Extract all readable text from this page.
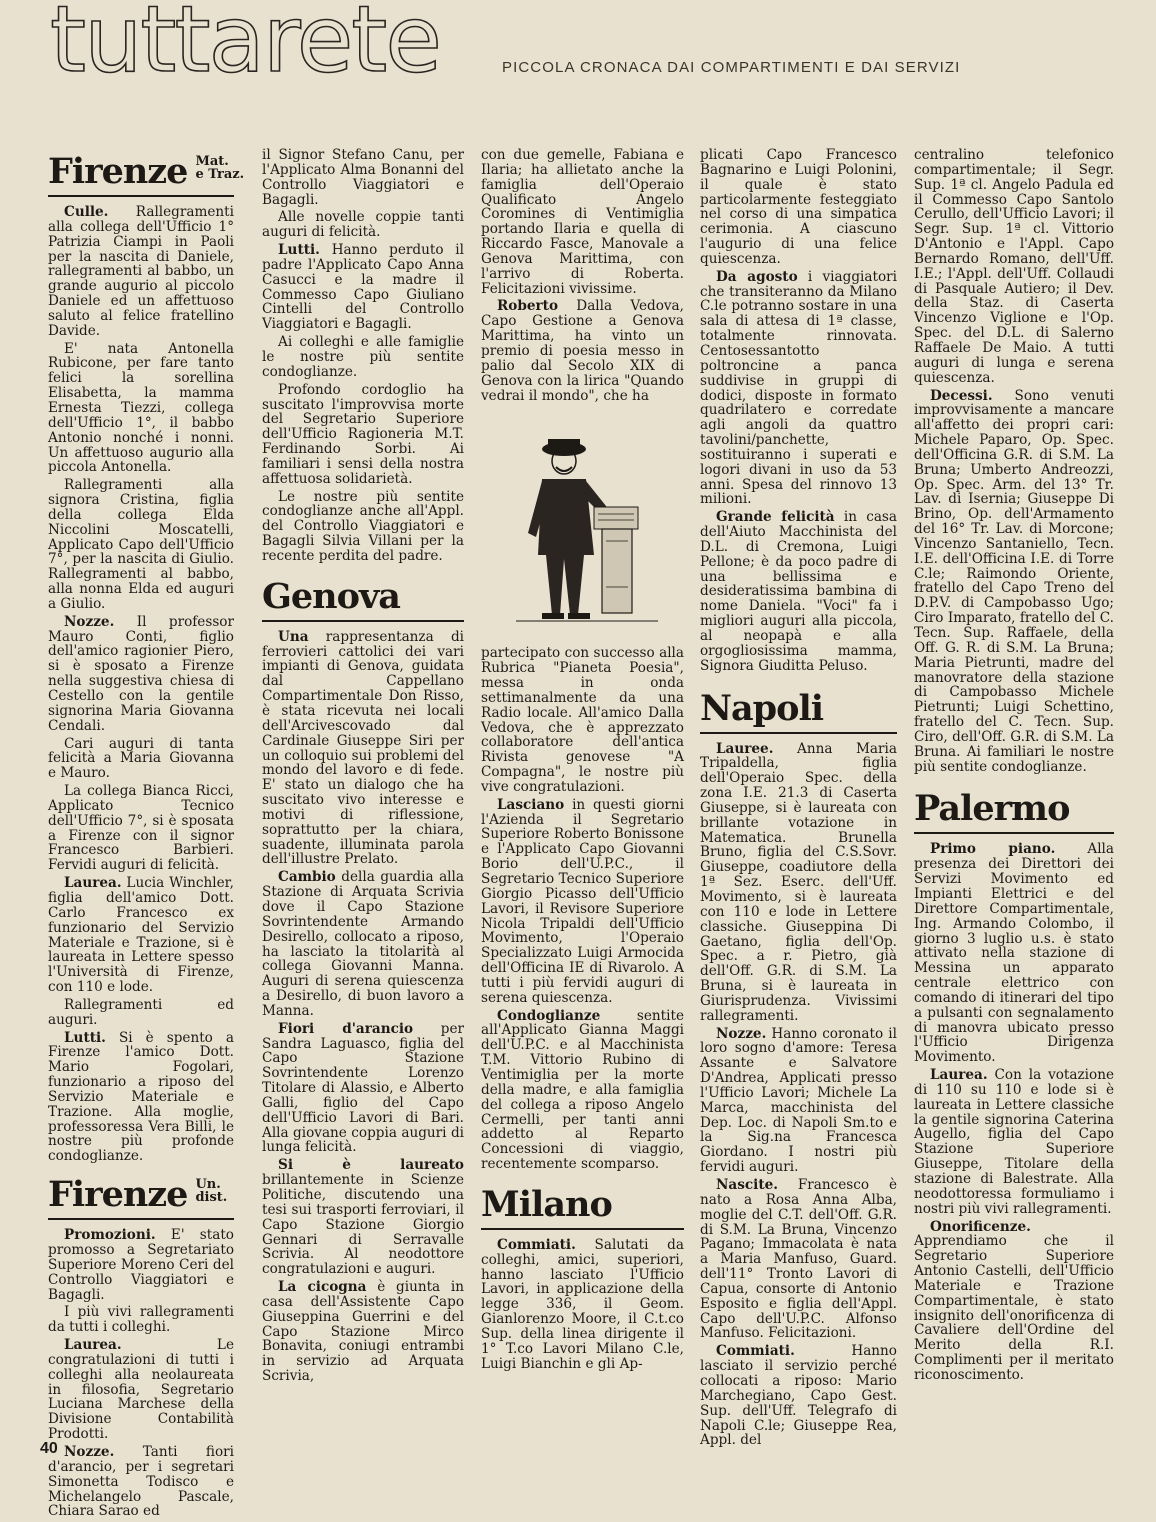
tuttarete	PICCOLA CRONACA DAI COMPARTIMENTI E DAI SERVIZI
Firenze Mat.
e Traz.

Culle. Rallegramenti alla collega dell'Ufficio 1° Patrizia Ciampi in Paoli per la nascita di Daniele, rallegramenti al babbo, un grande augurio al piccolo Daniele ed un affettuoso saluto al felice fratellino Davide.

E' nata Antonella Rubicone, per fare tanto felici la sorellina Elisabetta, la mamma Ernesta Tiezzi, collega dell'Ufficio 1°, il babbo Antonio nonché i nonni. Un affettuoso augurio alla piccola Antonella.

Rallegramenti alla signora Cristina, figlia della collega Elda Niccolini Moscatelli, Applicato Capo dell'Ufficio 7°, per la nascita di Giulio. Rallegramenti al babbo, alla nonna Elda ed auguri a Giulio.

Nozze. Il professor Mauro Conti, figlio dell'amico ragionier Piero, si è sposato a Firenze nella suggestiva chiesa di Cestello con la gentile signorina Maria Giovanna Cendali.

Cari auguri di tanta felicità a Maria Giovanna e Mauro.

La collega Bianca Ricci, Applicato Tecnico dell'Ufficio 7°, si è sposata a Firenze con il signor Francesco Barbieri. Fervidi auguri di felicità.

Laurea. Lucia Winchler, figlia dell'amico Dott. Carlo Francesco ex funzionario del Servizio Materiale e Trazione, si è laureata in Lettere spesso l'Università di Firenze, con 110 e lode.

Rallegramenti ed auguri.

Lutti. Si è spento a Firenze l'amico Dott. Mario Fogolari, funzionario a riposo del Servizio Materiale e Trazione. Alla moglie, professoressa Vera Billi, le nostre più profonde condoglianze.

Firenze Un.
dist.

Promozioni. E' stato promosso a Segretariato Superiore Moreno Ceri del Controllo Viaggiatori e Bagagli.

I più vivi rallegramenti da tutti i colleghi.

Laurea. Le congratulazioni di tutti i colleghi alla neolaureata in filosofia, Segretario Luciana Marchese della Divisione Contabilità Prodotti.

Nozze. Tanti fiori d'arancio, per i segretari Simonetta Todisco e Michelangelo Pascale, Chiara Sarao ed

il Signor Stefano Canu, per l'Applicato Alma Bonanni del Controllo Viaggiatori e Bagagli.

Alle novelle coppie tanti auguri di felicità.

Lutti. Hanno perduto il padre l'Applicato Capo Anna Casucci e la madre il Commesso Capo Giuliano Cintelli del Controllo Viaggiatori e Bagagli.

Ai colleghi e alle famiglie le nostre più sentite condoglianze.

Profondo cordoglio ha suscitato l'improvvisa morte del Segretario Superiore dell'Ufficio Ragioneria M.T. Ferdinando Sorbi. Ai familiari i sensi della nostra affettuosa solidarietà.

Le nostre più sentite condoglianze anche all'Appl. del Controllo Viaggiatori e Bagagli Silvia Villani per la recente perdita del padre.

Genova

Una rappresentanza di ferrovieri cattolici dei vari impianti di Genova, guidata dal Cappellano Compartimentale Don Risso, è stata ricevuta nei locali dell'Arcivescovado dal Cardinale Giuseppe Siri per un colloquio sui problemi del mondo del lavoro e di fede. E' stato un dialogo che ha suscitato vivo interesse e motivi di riflessione, soprattutto per la chiara, suadente, illuminata parola dell'illustre Prelato.

Cambio della guardia alla Stazione di Arquata Scrivia dove il Capo Stazione Sovrintendente Armando Desirello, collocato a riposo, ha lasciato la titolarità al collega Giovanni Manna. Auguri di serena quiescenza a Desirello, di buon lavoro a Manna.

Fiori d'arancio per Sandra Laguasco, figlia del Capo Stazione Sovrintendente Lorenzo Titolare di Alassio, e Alberto Galli, figlio del Capo dell'Ufficio Lavori di Bari. Alla giovane coppia auguri di lunga felicità.

Si è laureato brillantemente in Scienze Politiche, discutendo una tesi sui trasporti ferroviari, il Capo Stazione Giorgio Gennari di Serravalle Scrivia. Al neodottore congratulazioni e auguri.

La cicogna è giunta in casa dell'Assistente Capo Giuseppina Guerrini e del Capo Stazione Mirco Bonavita, coniugi entrambi in servizio ad Arquata Scrivia,

con due gemelle, Fabiana e Ilaria; ha allietato anche la famiglia dell'Operaio Qualificato Angelo Coromines di Ventimiglia portando Ilaria e quella di Riccardo Fasce, Manovale a Genova Marittima, con l'arrivo di Roberta. Felicitazioni vivissime.

Roberto Dalla Vedova, Capo Gestione a Genova Marittima, ha vinto un premio di poesia messo in palio dal Secolo XIX di Genova con la lirica "Quando vedrai il mondo", che ha

partecipato con successo alla Rubrica "Pianeta Poesia", messa in onda settimanalmente da una Radio locale. All'amico Dalla Vedova, che è apprezzato collaboratore dell'antica Rivista genovese "A Compagna", le nostre più vive congratulazioni.

Lasciano in questi giorni l'Azienda il Segretario Superiore Roberto Bonissone e l'Applicato Capo Giovanni Borio dell'U.P.C., il Segretario Tecnico Superiore Giorgio Picasso dell'Ufficio Lavori, il Revisore Superiore Nicola Tripaldi dell'Ufficio Movimento, l'Operaio Specializzato Luigi Armocida dell'Officina IE di Rivarolo. A tutti i più fervidi auguri di serena quiescenza.

Condoglianze sentite all'Applicato Gianna Maggi dell'U.P.C. e al Macchinista T.M. Vittorio Rubino di Ventimiglia per la morte della madre, e alla famiglia del collega a riposo Angelo Cermelli, per tanti anni addetto al Reparto Concessioni di viaggio, recentemente scomparso.

Milano

Commiati. Salutati da colleghi, amici, superiori, hanno lasciato l'Ufficio Lavori, in applicazione della legge 336, il Geom. Gianlorenzo Moore, il C.t.co Sup. della linea dirigente il 1° T.co Lavori Milano C.le, Luigi Bianchin e gli Ap-

plicati Capo Francesco Bagnarino e Luigi Polonini, il quale è stato particolarmente festeggiato nel corso di una simpatica cerimonia. A ciascuno l'augurio di una felice quiescenza.

Da agosto i viaggiatori che transiteranno da Milano C.le potranno sostare in una sala di attesa di 1ª classe, totalmente rinnovata. Centosessantotto poltroncine a panca suddivise in gruppi di dodici, disposte in formato quadrilatero e corredate agli angoli da quattro tavolini/panchette, sostituiranno i superati e logori divani in uso da 53 anni. Spesa del rinnovo 13 milioni.

Grande felicità in casa dell'Aiuto Macchinista del D.L. di Cremona, Luigi Pellone; è da poco padre di una bellissima e desideratissima bambina di nome Daniela. "Voci" fa i migliori auguri alla piccola, al neopapà e alla orgogliosissima mamma, Signora Giuditta Peluso.

Napoli

Lauree. Anna Maria Tripaldella, figlia dell'Operaio Spec. della zona I.E. 21.3 di Caserta Giuseppe, si è laureata con brillante votazione in Matematica. Brunella Bruno, figlia del C.S.Sovr. Giuseppe, coadiutore della 1ª Sez. Eserc. dell'Uff. Movimento, si è laureata con 110 e lode in Lettere classiche. Giuseppina Di Gaetano, figlia dell'Op. Spec. a r. Pietro, già dell'Off. G.R. di S.M. La Bruna, si è laureata in Giurisprudenza. Vivissimi rallegramenti.

Nozze. Hanno coronato il loro sogno d'amore: Teresa Assante e Salvatore D'Andrea, Applicati presso l'Ufficio Lavori; Michele La Marca, macchinista del Dep. Loc. di Napoli Sm.to e la Sig.na Francesca Giordano. I nostri più fervidi auguri.

Nascite. Francesco è nato a Rosa Anna Alba, moglie del C.T. dell'Off. G.R. di S.M. La Bruna, Vincenzo Pagano; Immacolata è nata a Maria Manfuso, Guard. dell'11° Tronto Lavori di Capua, consorte di Antonio Esposito e figlia dell'Appl. Capo dell'U.P.C. Alfonso Manfuso. Felicitazioni.

Commiati. Hanno lasciato il servizio perché collocati a riposo: Mario Marchegiano, Capo Gest. Sup. dell'Uff. Telegrafo di Napoli C.le; Giuseppe Rea, Appl. del

centralino telefonico compartimentale; il Segr. Sup. 1ª cl. Angelo Padula ed il Commesso Capo Santolo Cerullo, dell'Ufficio Lavori; il Segr. Sup. 1ª cl. Vittorio D'Antonio e l'Appl. Capo Bernardo Romano, dell'Uff. I.E.; l'Appl. dell'Uff. Collaudi di Pasquale Autiero; il Dev. della Staz. di Caserta Vincenzo Viglione e l'Op. Spec. del D.L. di Salerno Raffaele De Maio. A tutti auguri di lunga e serena quiescenza.

Decessi. Sono venuti improvvisamente a mancare all'affetto dei propri cari: Michele Paparo, Op. Spec. dell'Officina G.R. di S.M. La Bruna; Umberto Andreozzi, Op. Spec. Arm. del 13° Tr. Lav. di Isernia; Giuseppe Di Brino, Op. dell'Armamento del 16° Tr. Lav. di Morcone; Vincenzo Santaniello, Tecn. I.E. dell'Officina I.E. di Torre C.le; Raimondo Oriente, fratello del Capo Treno del D.P.V. di Campobasso Ugo; Ciro Imparato, fratello del C. Tecn. Sup. Raffaele, della Off. G. R. di S.M. La Bruna; Maria Pietrunti, madre del manovratore della stazione di Campobasso Michele Pietrunti; Luigi Schettino, fratello del C. Tecn. Sup. Ciro, dell'Off. G.R. di S.M. La Bruna. Ai familiari le nostre più sentite condoglianze.

Palermo

Primo piano. Alla presenza dei Direttori dei Servizi Movimento ed Impianti Elettrici e del Direttore Compartimentale, Ing. Armando Colombo, il giorno 3 luglio u.s. è stato attivato nella stazione di Messina un apparato centrale elettrico con comando di itinerari del tipo a pulsanti con segnalamento di manovra ubicato presso l'Ufficio Dirigenza Movimento.

Laurea. Con la votazione di 110 su 110 e lode si è laureata in Lettere classiche la gentile signorina Caterina Augello, figlia del Capo Stazione Superiore Giuseppe, Titolare della stazione di Balestrate. Alla neodottoressa formuliamo i nostri più vivi rallegramenti.

Onorificenze. Apprendiamo che il Segretario Superiore Antonio Castelli, dell'Ufficio Materiale e Trazione Compartimentale, è stato insignito dell'onorificenza di Cavaliere dell'Ordine del Merito della R.I. Complimenti per il meritato riconoscimento.

40
